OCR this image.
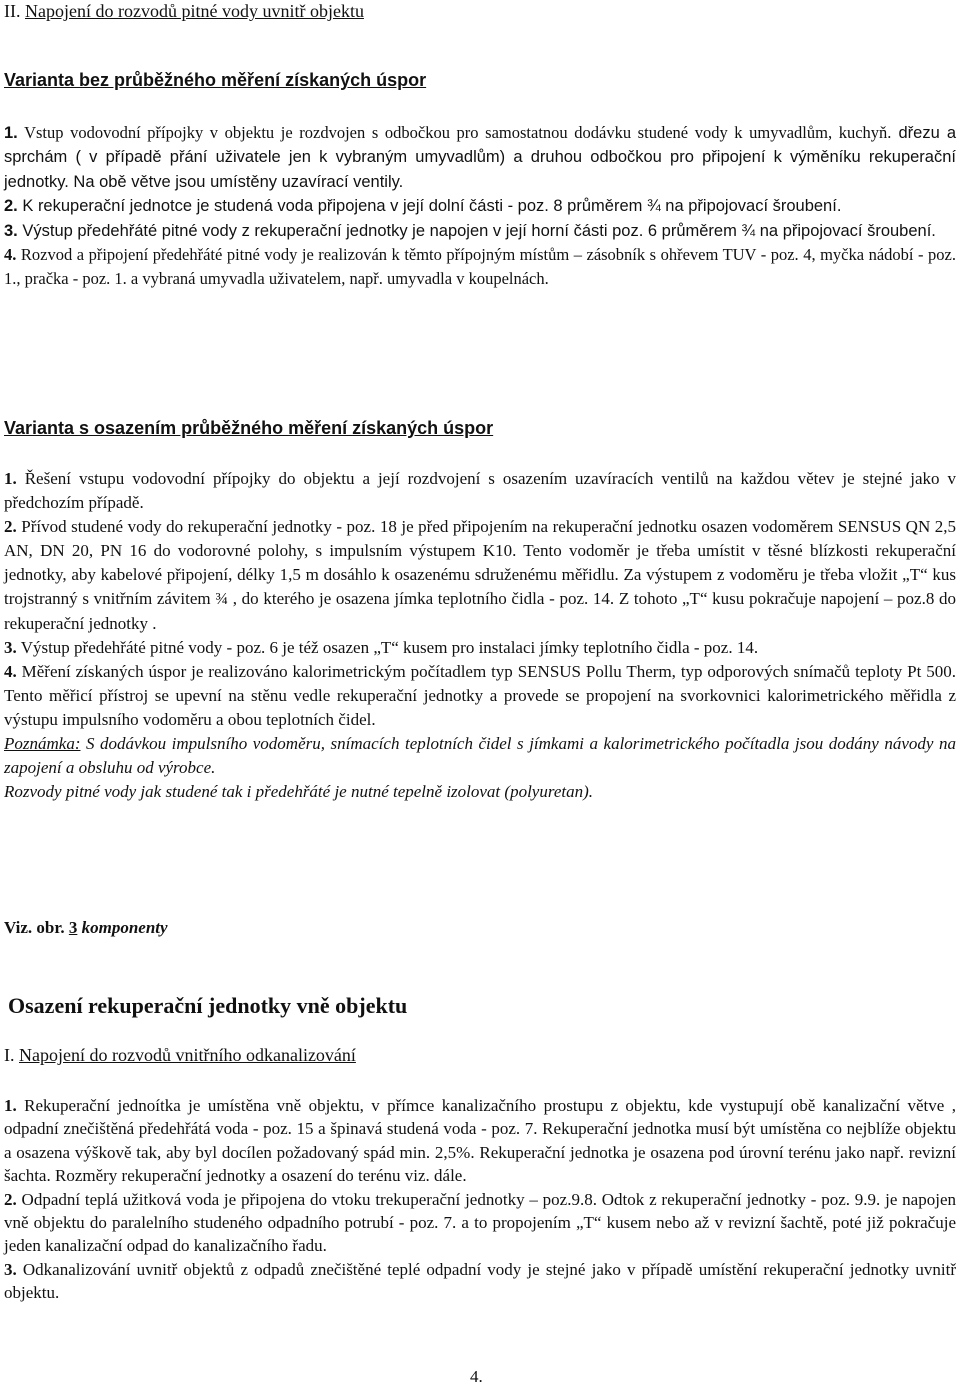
II. Napojení do rozvodů pitné vody uvnitř objektu
Varianta bez průběžného měření získaných úspor
1. Vstup vodovodní přípojky v objektu je rozdvojen s odbočkou pro samostatnou dodávku studené vody k umyvadlům, kuchyň. dřezu a sprchám ( v případě přání uživatele jen k vybraným umyvadlům) a druhou odbočkou pro připojení k výměníku rekuperační jednotky. Na obě větve jsou umístěny uzavírací ventily.
2. K rekuperační jednotce je studená voda připojena v její dolní části - poz. 8 průměrem ¾ na připojovací šroubení.
3. Výstup předehřáté pitné vody z rekuperační jednotky je napojen v její horní části poz. 6 průměrem ¾ na připojovací šroubení.
4. Rozvod a připojení předehřáté pitné vody je realizován k těmto přípojným místům – zásobník s ohřevem TUV - poz. 4, myčka nádobí - poz. 1., pračka - poz. 1. a vybraná umyvadla uživatelem, např. umyvadla v koupelnách.
Varianta s osazením průběžného měření získaných úspor
1. Řešení vstupu vodovodní přípojky do objektu a její rozdvojení s osazením uzavíracích ventilů na každou větev je stejné jako v předchozím případě.
2. Přívod studené vody do rekuperační jednotky - poz. 18 je před připojením na rekuperační jednotku osazen vodoměrem SENSUS QN 2,5 AN, DN 20, PN 16 do vodorovné polohy, s impulsním výstupem K10. Tento vodoměr je třeba umístit v těsné blízkosti rekuperační jednotky, aby kabelové připojení, délky 1,5 m dosáhlo k osazenému sdruženému měřidlu. Za výstupem z vodoměru je třeba vložit „T“ kus trojstranný s vnitřním závitem ¾ , do kterého je osazena jímka teplotního čidla - poz. 14. Z tohoto „T“ kusu pokračuje napojení – poz.8 do rekuperační jednotky .
3. Výstup předehřáté pitné vody - poz. 6 je též osazen „T“ kusem pro instalaci jímky teplotního čidla - poz. 14.
4. Měření získaných úspor je realizováno kalorimetrickým počítadlem typ SENSUS Pollu Therm, typ odporových snímačů teploty Pt 500. Tento měřicí přístroj se upevní na stěnu vedle rekuperační jednotky a provede se propojení na svorkovnici kalorimetrického měřidla z výstupu impulsního vodoměru a obou teplotních čidel.
Poznámka: S dodávkou impulsního vodoměru, snímacích teplotních čidel s jímkami a kalorimetrického počítadla jsou dodány návody na zapojení a obsluhu od výrobce.
Rozvody pitné vody jak studené tak i předehřáté je nutné tepelně izolovat (polyuretan).
Viz. obr. 3 komponenty
Osazení rekuperační jednotky vně objektu
I. Napojení do rozvodů vnitřního odkanalizování
1. Rekuperační jednoítka je umístěna vně objektu, v přímce kanalizačního prostupu z objektu, kde vystupují obě kanalizační větve , odpadní znečištěná předehřátá voda - poz. 15 a špinavá studená voda - poz. 7. Rekuperační jednotka musí být umístěna co nejblíže objektu a osazena výškově tak, aby byl docílen požadovaný spád min. 2,5%. Rekuperační jednotka je osazena pod úrovní terénu jako např. revizní šachta. Rozměry rekuperační jednotky a osazení do terénu viz. dále.
2. Odpadní teplá užitková voda je připojena do vtoku trekuperační jednotky – poz.9.8. Odtok z rekuperační jednotky - poz. 9.9. je napojen vně objektu do paralelního studeného odpadního potrubí - poz. 7. a to propojením „T“ kusem nebo až v revizní šachtě, poté již pokračuje jeden kanalizační odpad do kanalizačního řadu.
3. Odkanalizování uvnitř objektů z odpadů znečištěné teplé odpadní vody je stejné jako v případě umístění rekuperační jednotky uvnitř objektu.
4.
